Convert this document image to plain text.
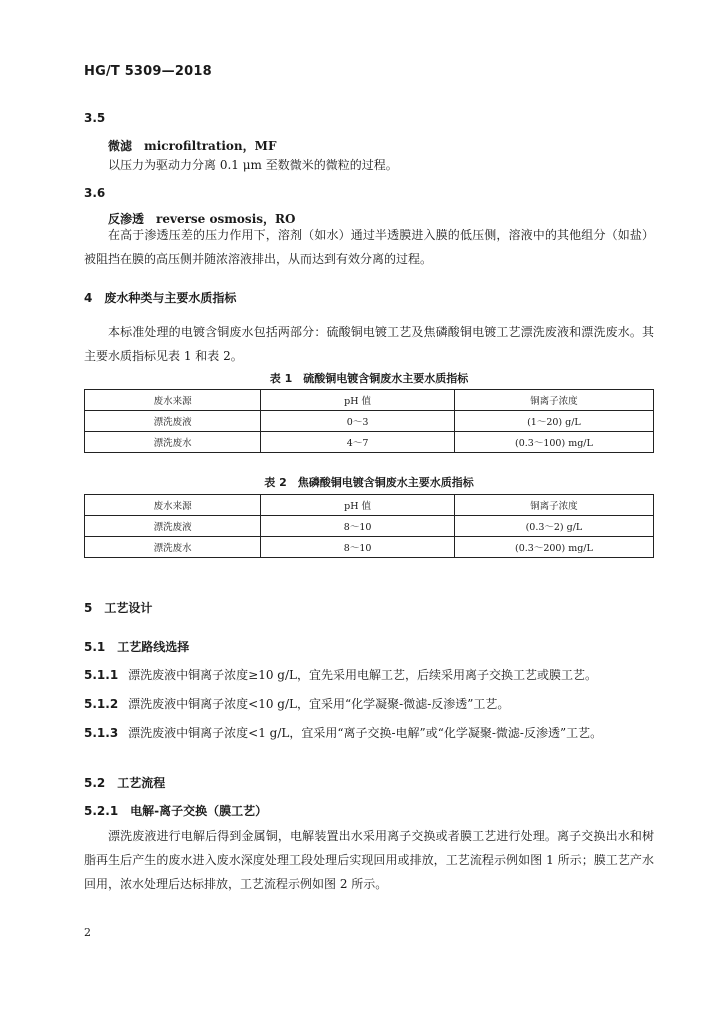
HG/T 5309—2018
3.5
微滤 microfiltration，MF
以压力为驱动力分离 0.1 μm 至数微米的微粒的过程。
3.6
反渗透 reverse osmosis，RO
在高于渗透压差的压力作用下，溶剂（如水）通过半透膜进入膜的低压侧，溶液中的其他组分（如盐）被阻挡在膜的高压侧并随浓溶液排出，从而达到有效分离的过程。
4 废水种类与主要水质指标
本标准处理的电镀含铜废水包括两部分：硫酸铜电镀工艺及焦磷酸铜电镀工艺漂洗废液和漂洗废水。其主要水质指标见表 1 和表 2。
表 1　硫酸铜电镀含铜废水主要水质指标
废水来源	pH 值	铜离子浓度
漂洗废液	0～3	(1～20) g/L
漂洗废水	4～7	(0.3～100) mg/L
表 2　焦磷酸铜电镀含铜废水主要水质指标
废水来源	pH 值	铜离子浓度
漂洗废液	8～10	(0.3～2) g/L
漂洗废水	8～10	(0.3～200) mg/L
5 工艺设计
5.1 工艺路线选择
5.1.1 漂洗废液中铜离子浓度≥10 g/L，宜先采用电解工艺，后续采用离子交换工艺或膜工艺。
5.1.2 漂洗废液中铜离子浓度<10 g/L，宜采用“化学凝聚-微滤-反渗透”工艺。
5.1.3 漂洗废液中铜离子浓度<1 g/L，宜采用“离子交换-电解”或“化学凝聚-微滤-反渗透”工艺。
5.2 工艺流程
5.2.1 电解-离子交换（膜工艺）
漂洗废液进行电解后得到金属铜，电解装置出水采用离子交换或者膜工艺进行处理。离子交换出水和树脂再生后产生的废水进入废水深度处理工段处理后实现回用或排放，工艺流程示例如图 1 所示；膜工艺产水回用，浓水处理后达标排放，工艺流程示例如图 2 所示。
2
